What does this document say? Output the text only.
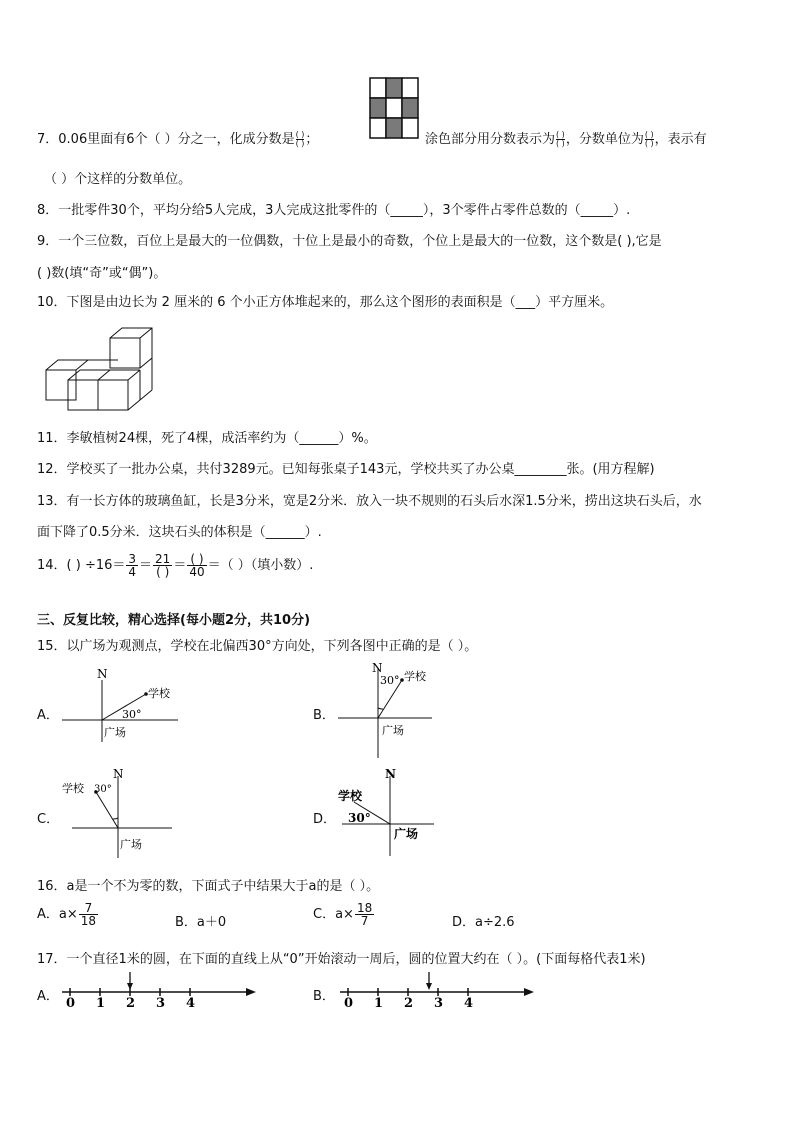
7．0.06里面有6个（ ）分之一，化成分数是 $\frac{( )}{( )}$ ；	涂色部分用分数表示为 $\frac{( )}{( )}$ ，分数单位为 $\frac{( )}{( )}$ ，表示有
（ ）个这样的分数单位。
8．一批零件30个，平均分给5人完成，3人完成这批零件的（_____），3个零件占零件总数的（_____）.
9．一个三位数，百位上是最大的一位偶数，十位上是最小的奇数，个位上是最大的一位数，这个数是( ),它是
( )数(填“奇”或“偶”)。
10．下图是由边长为 2 厘米的 6 个小正方体堆起来的，那么这个图形的表面积是（___）平方厘米。
11．李敏植树24棵，死了4棵，成活率约为（______）%。
12．学校买了一批办公桌，共付3289元。已知每张桌子143元，学校共买了办公桌________张。(用方程解)
13．有一长方体的玻璃鱼缸，长是3分米，宽是2分米．放入一块不规则的石头后水深1.5分米，捞出这块石头后，水
面下降了0.5分米．这块石头的体积是（______）.
14．( ) $\div 16= \frac{3}{4} = \frac{21}{( )} = \frac{( )}{40}$ ＝（ ）（填小数）.
三、反复比较，精心选择(每小题2分，共10分)
15．以广场为观测点，学校在北偏西30°方向处，下列各图中正确的是（ ）。
A．
N
学校
30°
广场
B．
N
30° 学校
广场
C．
N
学校 30°
广场
D．
N
学校
30°
广场
16．a是一个不为零的数，下面式子中结果大于a的是（ ）。
A．$a\times \frac{7}{18}$	B．a＋0
C．$a\times \frac{18}{7}$	D．a÷2.6
17．一个直径1米的圆，在下面的直线上从“0”开始滚动一周后，圆的位置大约在（ ）。(下面每格代表1米)
A． 0 1 2 3 4	B． 0 1 2 3 4
